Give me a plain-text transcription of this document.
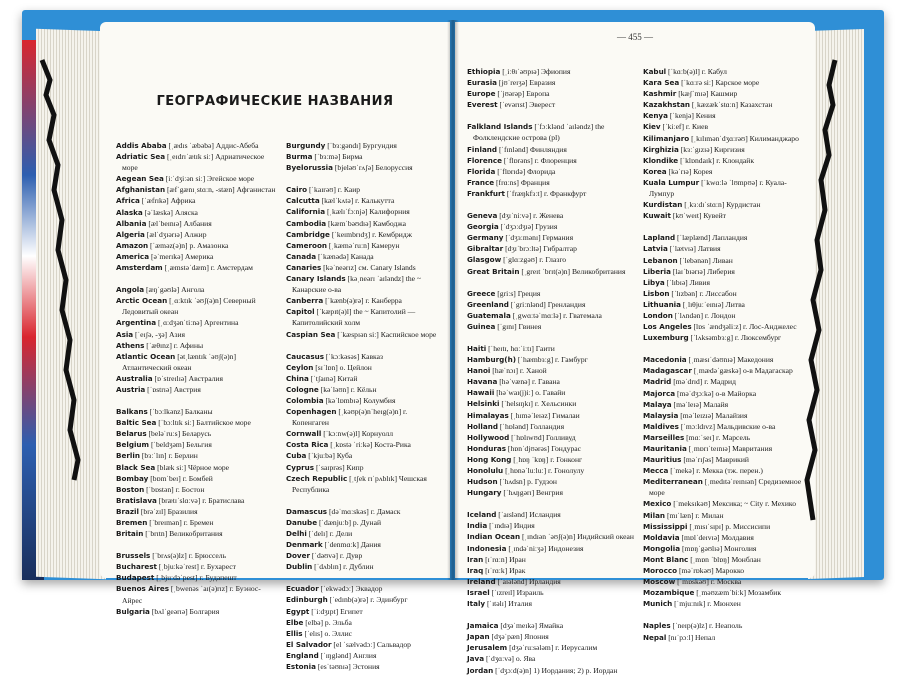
ГЕОГРАФИЧЕСКИЕ НАЗВАНИЯ

Addis Ababa [ˌædɪs ˈæbəbə] Аддис-Абеба

Adriatic Sea [ˌeɪdrɪˈætɪk siː] Адриатическое море

Aegean Sea [iːˈdʒiːən siː] Эгейское море

Afghanistan [æfˈgænɪˌstɑːn, -stæn] Афганистан

Africa [ˈæfrɪkə] Африка

Alaska [əˈlæskə] Аляска

Albania [ælˈbeɪnɪə] Албания

Algeria [ælˈdʒɪərɪə] Алжир

Amazon [ˈæməz(ə)n] р. Амазонка

America [əˈmerɪkə] Америка

Amsterdam [ˌæmstəˈdæm] г. Амстердам

Angola [æŋˈgəʊlə] Ангола

Arctic Ocean [ˌɑːktɪk ˈəʊʃ(ə)n] Северный Ледовитый океан

Argentina [ˌɑːdʒənˈtiːnə] Аргентина

Asia [ˈeɪʃə, -ʒə] Азия

Athens [ˈæθɪnz] г. Афины

Atlantic Ocean [ətˌlæntɪk ˈəʊʃ(ə)n] Атлантический океан

Australia [ɒˈstreɪlɪə] Австралия

Austria [ˈɒstrɪə] Австрия

Balkans [ˈbɔːlkənz] Балканы

Baltic Sea [ˈbɔːltɪk siː] Балтийское море

Belarus [beləˈruːs] Беларусь

Belgium [ˈbeldʒəm] Бельгия

Berlin [bɜːˈlɪn] г. Берлин

Black Sea [blæk siː] Чёрное море

Bombay [bɒmˈbeɪ] г. Бомбей

Boston [ˈbɒstən] г. Бостон

Bratislava [brætɪˈslɑːvə] г. Братислава

Brazil [brəˈzɪl] Бразилия

Bremen [ˈbreɪmən] г. Бремен

Britain [ˈbrɪtn] Великобритания

Brussels [ˈbrʌs(ə)lz] г. Брюссель

Bucharest [ˌbjuːkəˈrest] г. Бухарест

Budapest [ˌbjuːdəˈpest] г. Будапешт

Buenos Aires [ˌbwenəs ˈaɪ(ə)rɪz] г. Буэнос-Айрес

Bulgaria [bʌlˈgeərɪə] Болгария

Burgundy [ˈbɜːgəndɪ] Бургундия

Burma [ˈbɜːmə] Бирма

Byelorussia [bjeləʊˈrʌʃə] Белоруссия

Cairo [ˈkaɪrəʊ] г. Каир

Calcutta [kælˈkʌtə] г. Калькутта

California [ˌkælɪˈfɔːnjə] Калифорния

Cambodia [kæmˈbəʊdɪə] Камбоджа

Cambridge [ˈkeɪmbrɪdʒ] г. Кембридж

Cameroon [ˌkæməˈruːn] Камерун

Canada [ˈkænədə] Канада

Canaries [kəˈneərɪz] см. Canary Islands

Canary Islands [kəˌneərɪ ˈaɪləndz] the ~ Канарские о-ва

Canberra [ˈkænb(ə)rə] г. Канберра

Capitol [ˈkæpɪt(ə)l] the ~ Капитолий — Капитолийский холм

Caspian Sea [ˈkæspɪən siː] Каспийское море

Caucasus [ˈkɔːkəsəs] Кавказ

Ceylon [sɪˈlɒn] о. Цейлон

China [ˈtʃaɪnə] Китай

Cologne [kəˈləʊn] г. Кёльн

Colombia [kəˈlɒmbɪə] Колумбия

Copenhagen [ˌkəʊp(ə)nˈheɪg(ə)n] г. Копенгаген

Cornwall [ˈkɔːnw(ə)l] Корнуолл

Costa Rica [ˌkɒstə ˈriːkə] Коста-Рика

Cuba [ˈkjuːbə] Куба

Cyprus [ˈsaɪprəs] Кипр

Czech Republic [ˌtʃek rɪˈpʌblɪk] Чешская Республика

Damascus [dəˈmɑːskəs] г. Дамаск

Danube [ˈdænjuːb] р. Дунай

Delhi [ˈdelɪ] г. Дели

Denmark [ˈdenmɑːk] Дания

Dover [ˈdəʊvə] г. Дувр

Dublin [ˈdʌblɪn] г. Дублин

Ecuador [ˈekwədɔː] Эквадор

Edinburgh [ˈedɪnb(ə)rə] г. Эдинбург

Egypt [ˈiːdʒɪpt] Египет

Elbe [elbə] р. Эльба

Ellis [ˈelɪs] о. Эллис

El Salvador [el ˈsælvədɔː] Сальвадор

England [ˈɪŋglənd] Англия

Estonia [esˈtəʊnɪə] Эстония

— 455 —

Ethiopia [ˌiːθɪˈəʊpɪə] Эфиопия

Eurasia [jʊˈreɪʒə] Евразия

Europe [ˈjʊərəp] Европа

Everest [ˈevərɪst] Эверест

Falkland Islands [ˈfɔːklənd ˈaɪləndz] the Фолклендские острова (pl)

Finland [ˈfɪnlənd] Финляндия

Florence [ˈflɒrəns] г. Флоренция

Florida [ˈflɒrɪdə] Флорида

France [frɑːns] Франция

Frankfurt [ˈfræŋkfɜːt] г. Франкфурт

Geneva [dʒɪˈniːvə] г. Женева

Georgia [ˈdʒɔːdʒɪə] Грузия

Germany [ˈdʒɜːmənɪ] Германия

Gibraltar [dʒɪˈbrɔːltə] Гибралтар

Glasgow [ˈglɑːzgəʊ] г. Глазго

Great Britain [ˌgreɪt ˈbrɪt(ə)n] Великобритания

Greece [griːs] Греция

Greenland [ˈgriːnlənd] Гренландия

Guatemala [ˌgwɑːtəˈmɑːlə] г. Гватемала

Guinea [ˈgɪnɪ] Гвинея

Haiti [ˈheɪtɪ, hɑːˈiːtɪ] Гаити

Hamburg(h) [ˈhæmbɜːg] г. Гамбург

Hanoi [hæˈnɔɪ] г. Ханой

Havana [həˈvænə] г. Гавана

Hawaii [həˈwaɪ(j)iː] о. Гавайи

Helsinki [ˈhelsɪŋkɪ] г. Хельсинки

Himalayas [ˌhɪməˈleɪəz] Гималаи

Holland [ˈhɒlənd] Голландия

Hollywood [ˈhɒlɪwʊd] Голливуд

Honduras [hɒnˈdjʊərəs] Гондурас

Hong Kong [ˌhɒŋ ˈkɒŋ] г. Гонконг

Honolulu [ˌhɒnəˈluːluː] г. Гонолулу

Hudson [ˈhʌdsn] р. Гудзон

Hungary [ˈhʌŋgərɪ] Венгрия

Iceland [ˈaɪslənd] Исландия

India [ˈɪndɪə] Индия

Indian Ocean [ˌɪndɪən ˈəʊʃ(ə)n] Индийский океан

Indonesia [ˌɪndəˈniːʒə] Индонезия

Iran [ɪˈrɑːn] Иран

Iraq [ɪˈrɑːk] Ирак

Ireland [ˈaɪələnd] Ирландия

Israel [ˈɪzreɪl] Израиль

Italy [ˈɪtəlɪ] Италия

Jamaica [dʒəˈmeɪkə] Ямайка

Japan [dʒəˈpæn] Япония

Jerusalem [dʒəˈruːsələm] г. Иерусалим

Java [ˈdʒɑːvə] о. Ява

Jordan [ˈdʒɔːd(ə)n] 1) Иордания; 2) р. Иордан

Kabul [ˈkɑːb(ə)l] г. Кабул

Kara Sea [ˈkɑːrə siː] Карское море

Kashmir [kæʃˈmɪə] Кашмир

Kazakhstan [ˌkæzækˈstɑːn] Казахстан

Kenya [ˈkenjə] Кения

Kiev [ˈkiːef] г. Киев

Kilimanjaro [ˌkɪlɪmənˈdʒɑːrəʊ] Килиманджаро

Kirghizia [kɜːˈgɪzɪə] Киргизия

Klondike [ˈklɒndaɪk] г. Клондайк

Korea [kəˈrɪə] Корея

Kuala Lumpur [ˈkwɑːlə ˈlʊmpʊə] г. Куала-Лумпур

Kurdistan [ˌkɜːdɪˈstɑːn] Курдистан

Kuwait [kʊˈweɪt] Кувейт

Lapland [ˈlæplænd] Лапландия

Latvia [ˈlætvɪə] Латвия

Lebanon [ˈlebənən] Ливан

Liberia [laɪˈbɪərɪə] Либерия

Libya [ˈlɪbɪə] Ливия

Lisbon [ˈlɪzbən] г. Лиссабон

Lithuania [ˌlɪθjuːˈeɪnɪə] Литва

London [ˈlʌndən] г. Лондон

Los Angeles [lɒs ˈændʒəliːz] г. Лос-Анджелес

Luxemburg [ˈlʌksəmbɜːg] г. Люксембург

Macedonia [ˌmæsɪˈdəʊnɪə] Македония

Madagascar [ˌmædəˈgæskə] о-в Мадагаскар

Madrid [məˈdrɪd] г. Мадрид

Majorca [məˈdʒɔːkə] о-в Майорка

Malaya [məˈleɪə] Малайя

Malaysia [məˈleɪzɪə] Малайзия

Maldives [ˈmɔːldɪvz] Мальдивские о-ва

Marseilles [mɑːˈseɪ] г. Марсель

Mauritania [ˌmɒrɪˈteɪnɪə] Мавритания

Mauritius [məˈrɪʃəs] Маврикий

Mecca [ˈmekə] г. Мекка (тж. перен.)

Mediterranean [ˌmedɪtəˈreɪnɪən] Средиземное море

Mexico [ˈmeksɪkəʊ] Мексика; ~ City г. Мехико

Milan [mɪˈlæn] г. Милан

Mississippi [ˌmɪsɪˈsɪpɪ] р. Миссисипи

Moldavia [mɒlˈdeɪvɪə] Молдавия

Mongolia [mɒŋˈgəʊlɪə] Монголия

Mont Blanc [ˌmɒn ˈblɒŋ] Монблан

Morocco [məˈrɒkəʊ] Марокко

Moscow [ˈmɒskəʊ] г. Москва

Mozambique [ˌməʊzæmˈbiːk] Мозамбик

Munich [ˈmjuːnɪk] г. Мюнхен

Naples [ˈneɪp(ə)lz] г. Неаполь

Nepal [nɪˈpɔːl] Непал
